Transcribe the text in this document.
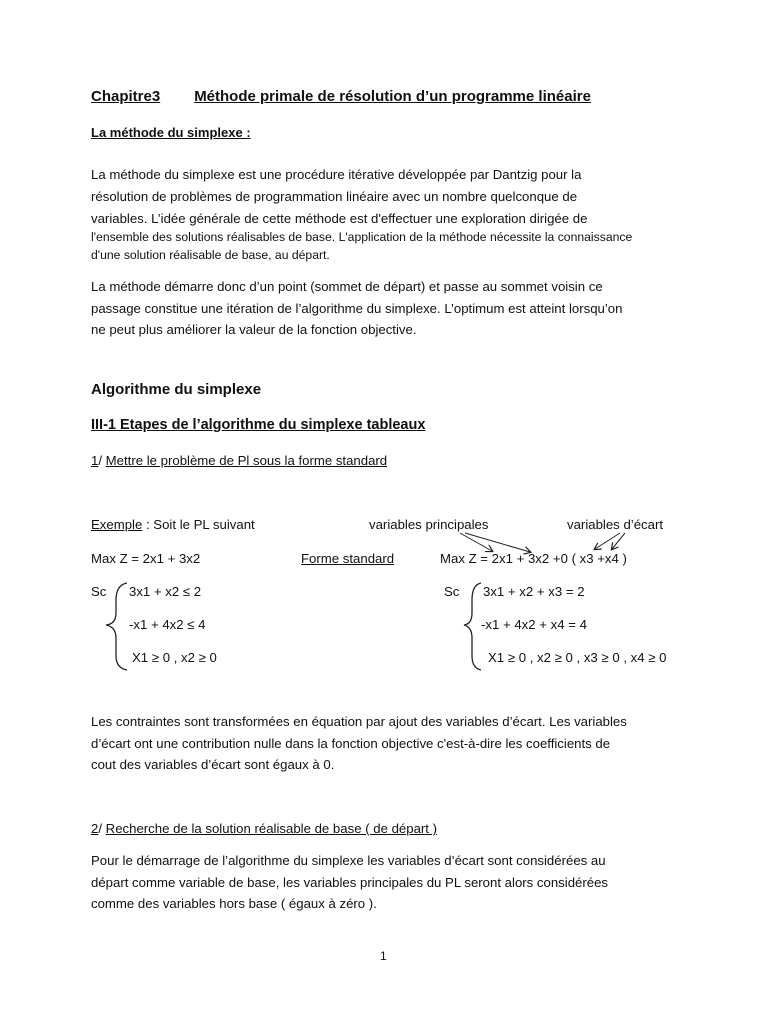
Chapitre3 Méthode primale de résolution d’un programme linéaire
La méthode du simplexe :
La méthode du simplexe est une procédure itérative développée par Dantzig pour la
résolution de problèmes de programmation linéaire avec un nombre quelconque de
variables. L’idée générale de cette méthode est d'effectuer une exploration dirigée de
l'ensemble des solutions réalisables de base. L'application de la méthode nécessite la connaissance
d'une solution réalisable de base, au départ.
La méthode démarre donc d’un point (sommet de départ) et passe au sommet voisin ce
passage constitue une itération de l’algorithme du simplexe. L’optimum est atteint lorsqu’on
ne peut plus améliorer la valeur de la fonction objective.
Algorithme du simplexe
III-1 Etapes de l’algorithme du simplexe tableaux
1/ Mettre le problème de Pl sous la forme standard
Exemple : Soit le PL suivant	variables principales	variables d’écart
Max Z = 2x1 + 3x2	Forme standard	Max Z = 2x1 + 3x2 +0 ( x3 +x4 )
Sc 3x1 + x2 ≤ 2
-x1 + 4x2 ≤ 4
X1 ≥ 0 , x2 ≥ 0
Sc 3x1 + x2 + x3 = 2
-x1 + 4x2 + x4 = 4
X1 ≥ 0 , x2 ≥ 0 , x3 ≥ 0 , x4 ≥ 0
Les contraintes sont transformées en équation par ajout des variables d’écart. Les variables
d’écart ont une contribution nulle dans la fonction objective c'est-à-dire les coefficients de
cout des variables d’écart sont égaux à 0.
2/ Recherche de la solution réalisable de base ( de départ )
Pour le démarrage de l’algorithme du simplexe les variables d’écart sont considérées au
départ comme variable de base, les variables principales du PL seront alors considérées
comme des variables hors base ( égaux à zéro ).
1
